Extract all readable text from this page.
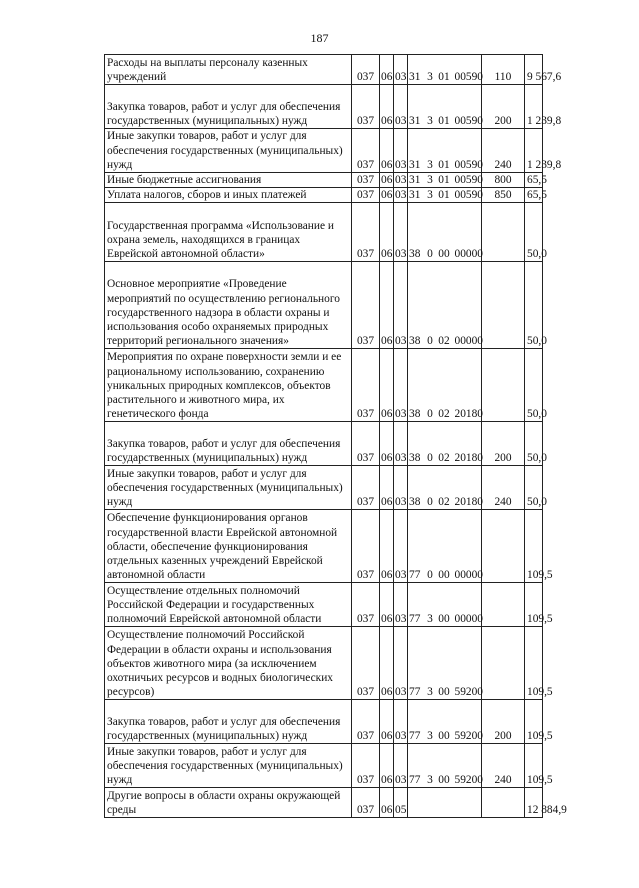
187
Расходы на выплаты персоналу казенных учреждений	037	06	03	31 3 01 00590	110	9 567,6
Закупка товаров, работ и услуг для обеспечения государственных (муниципальных) нужд	037	06	03	31 3 01 00590	200	1 239,8
Иные закупки товаров, работ и услуг для обеспечения государственных (муниципальных) нужд	037	06	03	31 3 01 00590	240	1 239,8
Иные бюджетные ассигнования	037	06	03	31 3 01 00590	800	65,5
Уплата налогов, сборов и иных платежей	037	06	03	31 3 01 00590	850	65,5
Государственная программа «Использование и охрана земель, находящихся в границах Еврейской автономной области»	037	06	03	38 0 00 00000		50,0
Основное мероприятие «Проведение мероприятий по осуществлению регионального государственного надзора в области охраны и использования особо охраняемых природных территорий регионального значения»	037	06	03	38 0 02 00000		50,0
Мероприятия по охране поверхности земли и ее рациональному использованию, сохранению уникальных природных комплексов, объектов растительного и животного мира, их генетического фонда	037	06	03	38 0 02 20180		50,0
Закупка товаров, работ и услуг для обеспечения государственных (муниципальных) нужд	037	06	03	38 0 02 20180	200	50,0
Иные закупки товаров, работ и услуг для обеспечения государственных (муниципальных) нужд	037	06	03	38 0 02 20180	240	50,0
Обеспечение функционирования органов государственной власти Еврейской автономной области, обеспечение функционирования отдельных казенных учреждений Еврейской автономной области	037	06	03	77 0 00 00000		109,5
Осуществление отдельных полномочий Российской Федерации и государственных полномочий Еврейской автономной области	037	06	03	77 3 00 00000		109,5
Осуществление полномочий Российской Федерации в области охраны и использования объектов животного мира (за исключением охотничьих ресурсов и водных биологических ресурсов)	037	06	03	77 3 00 59200		109,5
Закупка товаров, работ и услуг для обеспечения государственных (муниципальных) нужд	037	06	03	77 3 00 59200	200	109,5
Иные закупки товаров, работ и услуг для обеспечения государственных (муниципальных) нужд	037	06	03	77 3 00 59200	240	109,5
Другие вопросы в области охраны окружающей среды	037	06	05			12 884,9
